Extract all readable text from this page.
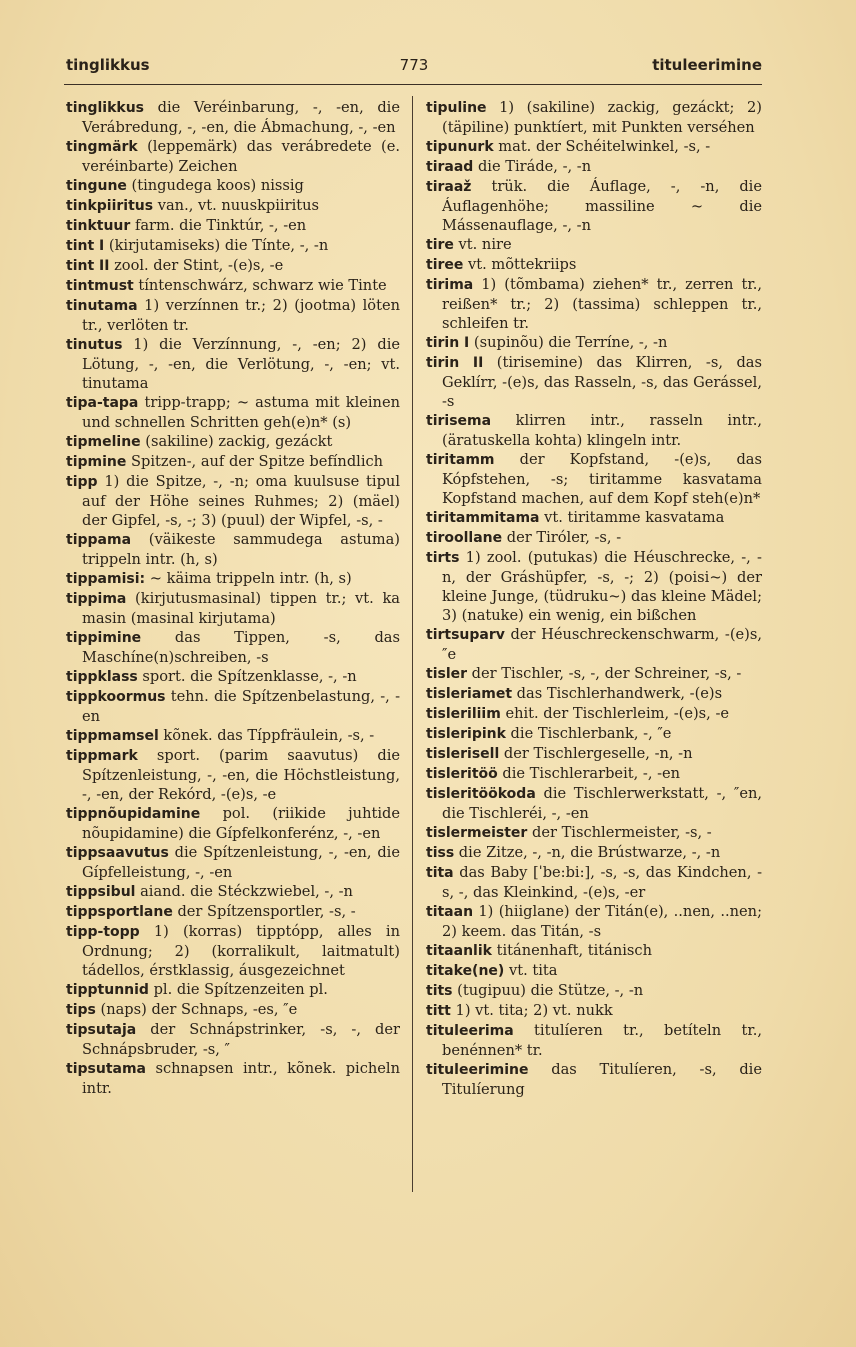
tinglikkus	773	tituleerimine

tinglikkus die Veréinbarung, -, -en, die Verábredung, -, -en, die Ábmachung, -, -en

tingmärk (leppemärk) das verábredete (e. veréinbarte) Zeichen

tingune (tingudega koos) nissig

tinkpiiritus van., vt. nuuskpiiritus

tinktuur farm. die Tinktúr, -, -en

tint I (kirjutamiseks) die Tínte, -, -n

tint II zool. der Stint, -(e)s, -e

tintmust tíntenschwárz, schwarz wie Tinte

tinutama 1) verzínnen tr.; 2) (jootma) löten tr., verlöten tr.

tinutus 1) die Verzínnung, -, -en; 2) die Lötung, -, -en, die Verlötung, -, -en; vt. tinutama

tipa-tapa tripp-trapp; ~ astuma mit kleinen und schnellen Schritten geh(e)n* (s)

tipmeline (sakiline) zackig, gezáckt

tipmine Spitzen-, auf der Spitze befíndlich

tipp 1) die Spitze, -, -n; oma kuulsuse tipul auf der Höhe seines Ruhmes; 2) (mäel) der Gipfel, -s, -; 3) (puul) der Wipfel, -s, -

tippama (väikeste sammudega astuma) trippeln intr. (h, s)

tippamisi: ~ käima trippeln intr. (h, s)

tippima (kirjutusmasinal) tippen tr.; vt. ka masin (masinal kirjutama)

tippimine das Tippen, -s, das Maschíne(n)schreiben, -s

tippklass sport. die Spítzenklasse, -, -n

tippkoormus tehn. die Spítzenbelastung, -, -en

tippmamsel kõnek. das Típpfräulein, -s, -

tippmark sport. (parim saavutus) die Spítzenleistung, -, -en, die Höchstleistung, -, -en, der Rekórd, -(e)s, -e

tippnõupidamine pol. (riikide juhtide nõupidamine) die Gípfelkonferénz, -, -en

tippsaavutus die Spítzenleistung, -, -en, die Gípfelleistung, -, -en

tippsibul aiand. die Stéckzwiebel, -, -n

tippsportlane der Spítzensportler, -s, -

tipp-topp 1) (korras) tipptópp, alles in Ordnung; 2) (korralikult, laitmatult) tádellos, érstklassig, áusgezeichnet

tipptunnid pl. die Spítzenzeiten pl.

tips (naps) der Schnaps, -es, ″e

tipsutaja der Schnápstrinker, -s, -, der Schnápsbruder, -s, ″

tipsutama schnapsen intr., kõnek. picheln intr.

tipuline 1) (sakiline) zackig, gezáckt; 2) (täpiline) punktíert, mit Punkten verséhen

tipunurk mat. der Schéitelwinkel, -s, -

tiraad die Tiráde, -, -n

tiraaž trük. die Áuflage, -, -n, die Áuflagenhöhe; massiline ~ die Mássenauflage, -, -n

tire vt. nire

tiree vt. mõttekriips

tirima 1) (tõmbama) ziehen* tr., zerren tr., reißen* tr.; 2) (tassima) schleppen tr., schleifen tr.

tirin I (supinõu) die Terríne, -, -n

tirin II (tirisemine) das Klirren, -s, das Geklírr, -(e)s, das Rasseln, -s, das Gerássel, -s

tirisema klirren intr., rasseln intr., (äratuskella kohta) klingeln intr.

tiritamm der Kopfstand, -(e)s, das Kópfstehen, -s; tiritamme kasvatama Kopfstand machen, auf dem Kopf steh(e)n*

tiritammitama vt. tiritamme kasvatama

tiroollane der Tiróler, -s, -

tirts 1) zool. (putukas) die Héuschrecke, -, -n, der Gráshüpfer, -s, -; 2) (poisi~) der kleine Junge, (tüdruku~) das kleine Mädel; 3) (natuke) ein wenig, ein bißchen

tirtsuparv der Héuschreckenschwarm, -(e)s, ″e

tisler der Tischler, -s, -, der Schreiner, -s, -

tisleriamet das Tischlerhandwerk, -(e)s

tisleriliim ehit. der Tischlerleim, -(e)s, -e

tisleripink die Tischlerbank, -, ″e

tislerisell der Tischlergeselle, -n, -n

tisleritöö die Tischlerarbeit, -, -en

tisleritöökoda die Tischlerwerkstatt, -, ″en, die Tischleréi, -, -en

tislermeister der Tischlermeister, -s, -

tiss die Zitze, -, -n, die Brústwarze, -, -n

tita das Baby [ˈbe:bi:], -s, -s, das Kindchen, -s, -, das Kleinkind, -(e)s, -er

titaan 1) (hiiglane) der Titán(e), ..nen, ..nen; 2) keem. das Titán, -s

titaanlik titánenhaft, titánisch

titake(ne) vt. tita

tits (tugipuu) die Stütze, -, -n

titt 1) vt. tita; 2) vt. nukk

tituleerima titulíeren tr., betíteln tr., benénnen* tr.

tituleerimine das Titulíeren, -s, die Titulíerung
